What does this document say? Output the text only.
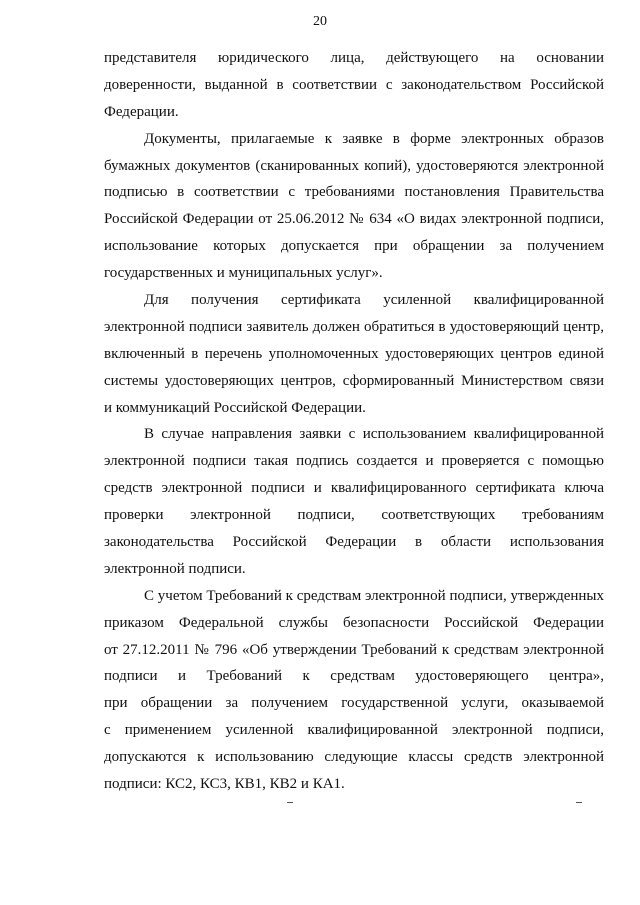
20
представителя юридического лица, действующего на основании
доверенности, выданной в соответствии с законодательством Российской
Федерации.
Документы, прилагаемые к заявке в форме электронных образов
бумажных документов (сканированных копий), удостоверяются электронной
подписью в соответствии с требованиями постановления Правительства
Российской Федерации от 25.06.2012 № 634 «О видах электронной подписи,
использование которых допускается при обращении за получением
государственных и муниципальных услуг».
Для получения сертификата усиленной квалифицированной
электронной подписи заявитель должен обратиться в удостоверяющий центр,
включенный в перечень уполномоченных удостоверяющих центров единой
системы удостоверяющих центров, сформированный Министерством связи
и коммуникаций Российской Федерации.
В случае направления заявки с использованием квалифицированной
электронной подписи такая подпись создается и проверяется с помощью
средств электронной подписи и квалифицированного сертификата ключа
проверки электронной подписи, соответствующих требованиям
законодательства Российской Федерации в области использования
электронной подписи.
С учетом Требований к средствам электронной подписи, утвержденных
приказом Федеральной службы безопасности Российской Федерации
от 27.12.2011 № 796 «Об утверждении Требований к средствам электронной
подписи и Требований к средствам удостоверяющего центра»,
при обращении за получением государственной услуги, оказываемой
с применением усиленной квалифицированной электронной подписи,
допускаются к использованию следующие классы средств электронной
подписи: КС2, КС3, КВ1, КВ2 и КА1.
